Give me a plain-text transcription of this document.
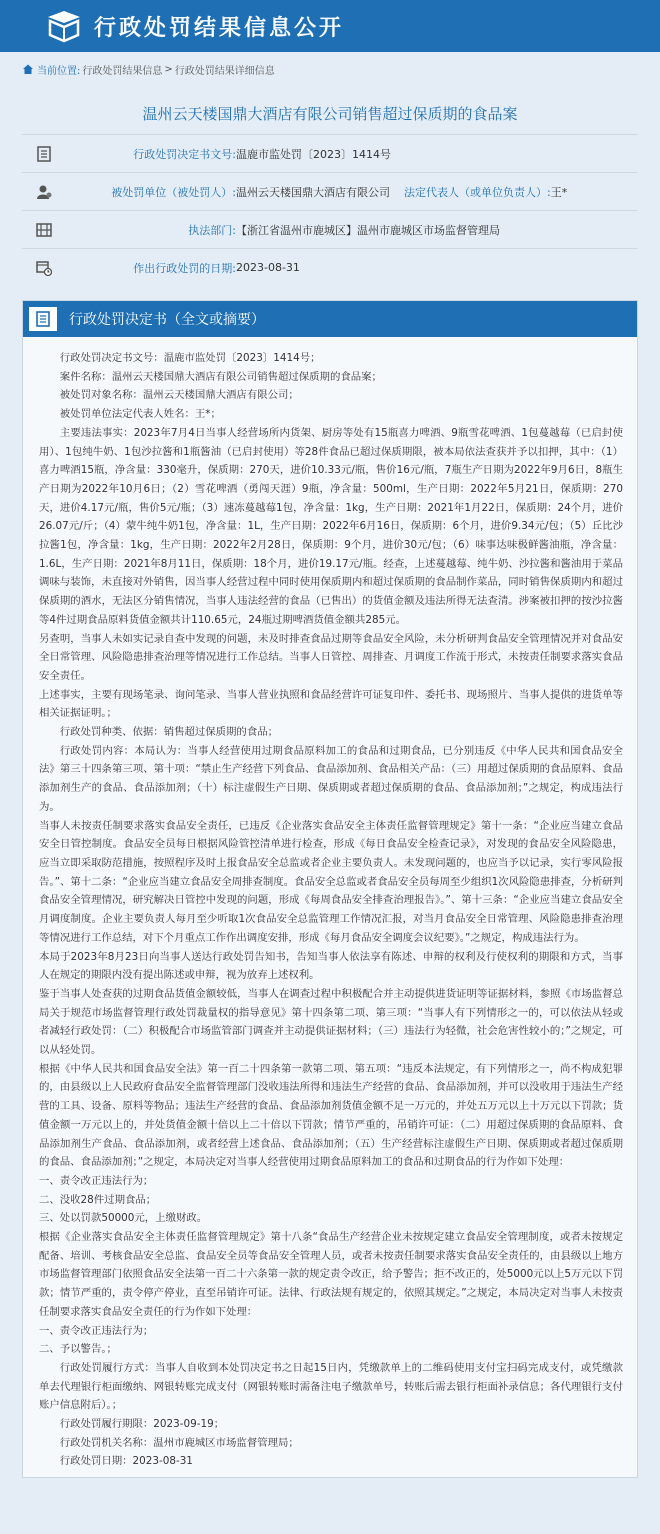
行政处罚结果信息公开
当前位置: 行政处罚结果信息 > 行政处罚结果详细信息
温州云天楼国鼎大酒店有限公司销售超过保质期的食品案
行政处罚决定书文号: 温鹿市监处罚〔2023〕1414号
被处罚单位（被处罚人）: 温州云天楼国鼎大酒店有限公司 法定代表人（或单位负责人）: 王*
执法部门: 【浙江省温州市鹿城区】温州市鹿城区市场监督管理局
作出行政处罚的日期: 2023-08-31
行政处罚决定书（全文或摘要）

行政处罚决定书文号：温鹿市监处罚〔2023〕1414号；

案件名称：温州云天楼国鼎大酒店有限公司销售超过保质期的食品案；

被处罚对象名称：温州云天楼国鼎大酒店有限公司；

被处罚单位法定代表人姓名：王*；

主要违法事实：2023年7月4日当事人经营场所内货架、厨房等处有15瓶喜力啤酒、9瓶雪花啤酒、1包蔓越莓（已启封使用）、1包纯牛奶、1包沙拉酱和1瓶酱油（已启封使用）等28件食品已超过保质期限，被本局依法查获并予以扣押，其中：（1）喜力啤酒15瓶，净含量：330毫升，保质期：270天，进价10.33元/瓶，售价16元/瓶，7瓶生产日期为2022年9月6日，8瓶生产日期为2022年10月6日；（2）雪花啤酒（勇闯天涯）9瓶，净含量：500ml，生产日期：2022年5月21日，保质期：270天，进价4.17元/瓶，售价5元/瓶；（3）速冻蔓越莓1包，净含量：1kg，生产日期：2021年1月22日，保质期：24个月，进价26.07元/斤；（4）蒙牛纯牛奶1包，净含量：1L，生产日期：2022年6月16日，保质期：6个月，进价9.34元/包；（5）丘比沙拉酱1包，净含量：1kg，生产日期：2022年2月28日，保质期：9个月，进价30元/包；（6）味事达味极鲜酱油瓶，净含量：1.6L，生产日期：2021年8月11日，保质期：18个月，进价19.17元/瓶。经查，上述蔓越莓、纯牛奶、沙拉酱和酱油用于菜品调味与装饰，未直接对外销售，因当事人经营过程中同时使用保质期内和超过保质期的食品制作菜品，同时销售保质期内和超过保质期的酒水，无法区分销售情况，当事人违法经营的食品（已售出）的货值金额及违法所得无法查清。涉案被扣押的按沙拉酱等4件过期食品原料货值金额共计110.65元，24瓶过期啤酒货值金额共285元。

另查明，当事人未如实记录自查中发现的问题，未及时排查食品过期等食品安全风险，未分析研判食品安全管理情况并对食品安全日常管理、风险隐患排查治理等情况进行工作总结。当事人日管控、周排查、月调度工作流于形式，未按责任制要求落实食品安全责任。

上述事实，主要有现场笔录、询问笔录、当事人营业执照和食品经营许可证复印件、委托书、现场照片、当事人提供的进货单等相关证据证明。；

行政处罚种类、依据：销售超过保质期的食品；

行政处罚内容：本局认为：当事人经营使用过期食品原料加工的食品和过期食品，已分别违反《中华人民共和国食品安全法》第三十四条第三项、第十项：“禁止生产经营下列食品、食品添加剂、食品相关产品：（三）用超过保质期的食品原料、食品添加剂生产的食品、食品添加剂；（十）标注虚假生产日期、保质期或者超过保质期的食品、食品添加剂；”之规定，构成违法行为。

当事人未按责任制要求落实食品安全责任，已违反《企业落实食品安全主体责任监督管理规定》第十一条：“企业应当建立食品安全日管控制度。食品安全员每日根据风险管控清单进行检查，形成《每日食品安全检查记录》，对发现的食品安全风险隐患，应当立即采取防范措施，按照程序及时上报食品安全总监或者企业主要负责人。未发现问题的，也应当予以记录，实行零风险报告。”、第十二条：“企业应当建立食品安全周排查制度。食品安全总监或者食品安全员每周至少组织1次风险隐患排查，分析研判食品安全管理情况，研究解决日管控中发现的问题，形成《每周食品安全排查治理报告》。”、第十三条：“企业应当建立食品安全月调度制度。企业主要负责人每月至少听取1次食品安全总监管理工作情况汇报，对当月食品安全日常管理、风险隐患排查治理等情况进行工作总结，对下个月重点工作作出调度安排，形成《每月食品安全调度会议纪要》。”之规定，构成违法行为。

本局于2023年8月23日向当事人送达行政处罚告知书，告知当事人依法享有陈述、申辩的权利及行使权利的期限和方式，当事人在规定的期限内没有提出陈述或申辩，视为放弃上述权利。

鉴于当事人处查获的过期食品货值金额较低，当事人在调查过程中积极配合并主动提供进货证明等证据材料，参照《市场监督总局关于规范市场监督管理行政处罚裁量权的指导意见》第十四条第二项、第三项：“当事人有下列情形之一的，可以依法从轻或者减轻行政处罚：（二）积极配合市场监管部门调查并主动提供证据材料；（三）违法行为轻微，社会危害性较小的；”之规定，可以从轻处罚。

根据《中华人民共和国食品安全法》第一百二十四条第一款第二项、第五项：“违反本法规定，有下列情形之一，尚不构成犯罪的，由县级以上人民政府食品安全监督管理部门没收违法所得和违法生产经营的食品、食品添加剂，并可以没收用于违法生产经营的工具、设备、原料等物品；违法生产经营的食品、食品添加剂货值金额不足一万元的，并处五万元以上十万元以下罚款；货值金额一万元以上的，并处货值金额十倍以上二十倍以下罚款；情节严重的，吊销许可证：（二）用超过保质期的食品原料、食品添加剂生产食品、食品添加剂，或者经营上述食品、食品添加剂；（五）生产经营标注虚假生产日期、保质期或者超过保质期的食品、食品添加剂；”之规定，本局决定对当事人经营使用过期食品原料加工的食品和过期食品的行为作如下处理：

一、责令改正违法行为；

二、没收28件过期食品；

三、处以罚款50000元，上缴财政。

根据《企业落实食品安全主体责任监督管理规定》第十八条“食品生产经营企业未按规定建立食品安全管理制度，或者未按规定配备、培训、考核食品安全总监、食品安全员等食品安全管理人员，或者未按责任制要求落实食品安全责任的，由县级以上地方市场监督管理部门依照食品安全法第一百二十六条第一款的规定责令改正，给予警告；拒不改正的，处5000元以上5万元以下罚款；情节严重的，责令停产停业，直至吊销许可证。法律、行政法规有规定的，依照其规定。”之规定，本局决定对当事人未按责任制要求落实食品安全责任的行为作如下处理：

一、责令改正违法行为；

二、予以警告。；

行政处罚履行方式：当事人自收到本处罚决定书之日起15日内，凭缴款单上的二维码使用支付宝扫码完成支付，或凭缴款单去代理银行柜面缴纳、网银转账完成支付（网银转账时需备注电子缴款单号，转账后需去银行柜面补录信息；各代理银行支付账户信息附后）。；

行政处罚履行期限：2023-09-19；

行政处罚机关名称：温州市鹿城区市场监督管理局；

行政处罚日期：2023-08-31
